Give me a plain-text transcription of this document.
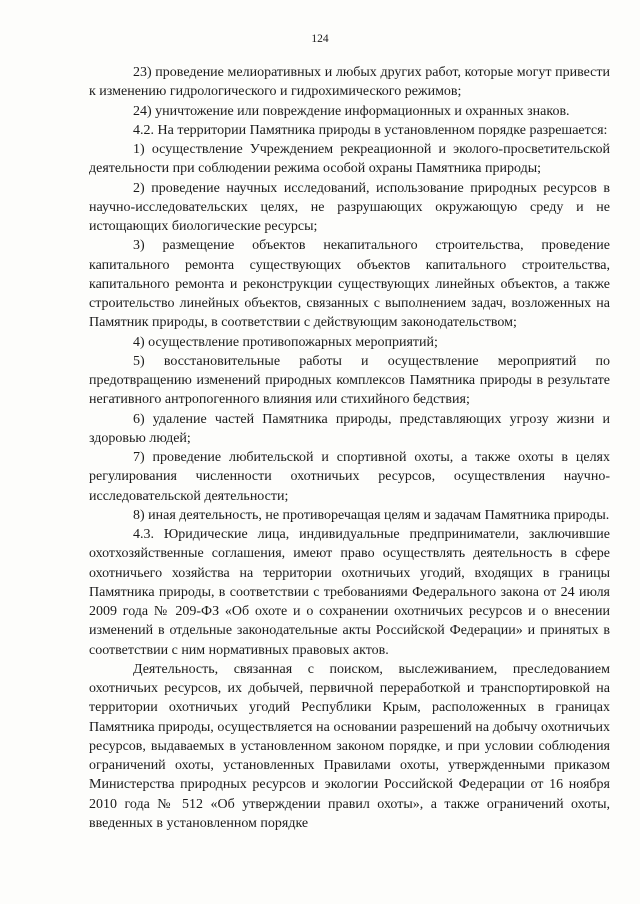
124

23) проведение мелиоративных и любых других работ, которые могут привести к изменению гидрологического и гидрохимического режимов;

24) уничтожение или повреждение информационных и охранных знаков.

4.2. На территории Памятника природы в установленном порядке разрешается:

1) осуществление Учреждением рекреационной и эколого-просветительской деятельности при соблюдении режима особой охраны Памятника природы;

2) проведение научных исследований, использование природных ресурсов в научно-исследовательских целях, не разрушающих окружающую среду и не истощающих биологические ресурсы;

3) размещение объектов некапитального строительства, проведение капитального ремонта существующих объектов капитального строительства, капитального ремонта и реконструкции существующих линейных объектов, а также строительство линейных объектов, связанных с выполнением задач, возложенных на Памятник природы, в соответствии с действующим законодательством;

4) осуществление противопожарных мероприятий;

5) восстановительные работы и осуществление мероприятий по предотвращению изменений природных комплексов Памятника природы в результате негативного антропогенного влияния или стихийного бедствия;

6) удаление частей Памятника природы, представляющих угрозу жизни и здоровью людей;

7) проведение любительской и спортивной охоты, а также охоты в целях регулирования численности охотничьих ресурсов, осуществления научно-исследовательской деятельности;

8) иная деятельность, не противоречащая целям и задачам Памятника природы.

4.3. Юридические лица, индивидуальные предприниматели, заключившие охотхозяйственные соглашения, имеют право осуществлять деятельность в сфере охотничьего хозяйства на территории охотничьих угодий, входящих в границы Памятника природы, в соответствии с требованиями Федерального закона от 24 июля 2009 года № 209-ФЗ «Об охоте и о сохранении охотничьих ресурсов и о внесении изменений в отдельные законодательные акты Российской Федерации» и принятых в соответствии с ним нормативных правовых актов.

Деятельность, связанная с поиском, выслеживанием, преследованием охотничьих ресурсов, их добычей, первичной переработкой и транспортировкой на территории охотничьих угодий Республики Крым, расположенных в границах Памятника природы, осуществляется на основании разрешений на добычу охотничьих ресурсов, выдаваемых в установленном законом порядке, и при условии соблюдения ограничений охоты, установленных Правилами охоты, утвержденными приказом Министерства природных ресурсов и экологии Российской Федерации от 16 ноября 2010 года № 512 «Об утверждении правил охоты», а также ограничений охоты, введенных в установленном порядке
